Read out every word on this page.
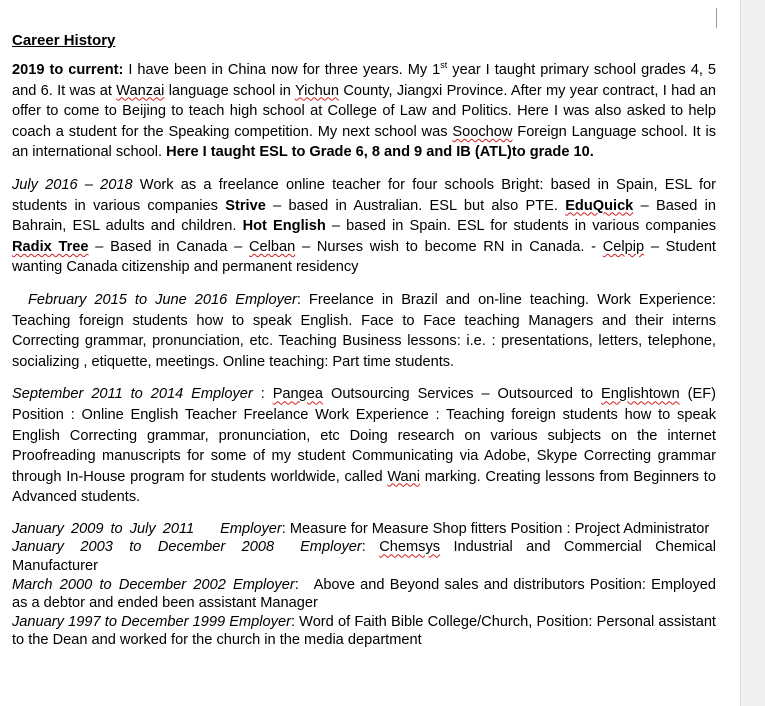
Career History

2019 to current: I have been in China now for three years. My 1st year I taught primary school grades 4, 5 and 6. It was at Wanzai language school in Yichun County, Jiangxi Province. After my year contract, I had an offer to come to Beijing to teach high school at College of Law and Politics. Here I was also asked to help coach a student for the Speaking competition. My next school was Soochow Foreign Language school. It is an international school. Here I taught ESL to Grade 6, 8 and 9 and IB (ATL)to grade 10.

July 2016 – 2018 Work as a freelance online teacher for four schools Bright: based in Spain, ESL for students in various companies Strive – based in Australian. ESL but also PTE. EduQuick – Based in Bahrain, ESL adults and children. Hot English – based in Spain. ESL for students in various companies Radix Tree – Based in Canada – Celban – Nurses wish to become RN in Canada. - Celpip – Student wanting Canada citizenship and permanent residency

February 2015 to June 2016 Employer: Freelance in Brazil and on-line teaching. Work Experience: Teaching foreign students how to speak English. Face to Face teaching Managers and their interns Correcting grammar, pronunciation, etc. Teaching Business lessons: i.e. : presentations, letters, telephone, socializing , etiquette, meetings. Online teaching: Part time students.

September 2011 to 2014 Employer : Pangea Outsourcing Services – Outsourced to Englishtown (EF) Position : Online English Teacher Freelance Work Experience : Teaching foreign students how to speak English Correcting grammar, pronunciation, etc Doing research on various subjects on the internet Proofreading manuscripts for some of my student Communicating via Adobe, Skype Correcting grammar through In-House program for students worldwide, called Wani marking. Creating lessons from Beginners to Advanced students.

January 2009 to July 2011 Employer: Measure for Measure Shop fitters Position : Project Administrator

January 2003 to December 2008 Employer: Chemsys Industrial and Commercial Chemical Manufacturer

March 2000 to December 2002 Employer:   Above and Beyond sales and distributors Position: Employed as a debtor and ended been assistant Manager

January 1997 to December 1999 Employer: Word of Faith Bible College/Church, Position: Personal assistant to the Dean and worked for the church in the media department
